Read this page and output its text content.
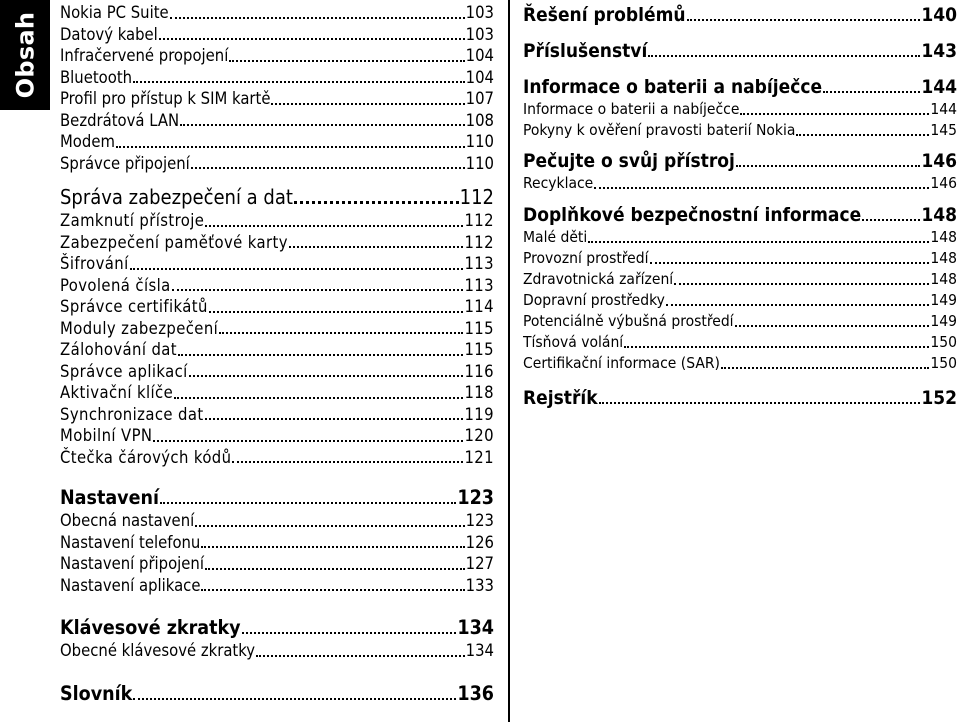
Obsah Nokia PC Suite	103
Datový kabel	103
Infračervené propojení	104
Bluetooth	104
Profil pro přístup k SIM kartě	107
Bezdrátová LAN	108
Modem	110
Správce připojení	110
Správa zabezpečení a dat	112
Zamknutí přístroje	112
Zabezpečení paměťové karty	112
Šifrování	113
Povolená čísla	113
Správce certifikátů	114
Moduly zabezpečení	115
Zálohování dat	115
Správce aplikací	116
Aktivační klíče	118
Synchronizace dat	119
Mobilní VPN	120
Čtečka čárových kódů	121
Nastavení	123
Obecná nastavení	123
Nastavení telefonu	126
Nastavení připojení	127
Nastavení aplikace	133
Klávesové zkratky	134
Obecné klávesové zkratky	134
Slovník	136
Řešení problémů	140
Příslušenství	143
Informace o baterii a nabíječce	144
Informace o baterii a nabíječce	144
Pokyny k ověření pravosti baterií Nokia	145
Pečujte o svůj přístroj	146
Recyklace	146
Doplňkové bezpečnostní informace	148
Malé děti	148
Provozní prostředí	148
Zdravotnická zařízení	148
Dopravní prostředky	149
Potenciálně výbušná prostředí	149
Tísňová volání	150
Certifikační informace (SAR)	150
Rejstřík	152
